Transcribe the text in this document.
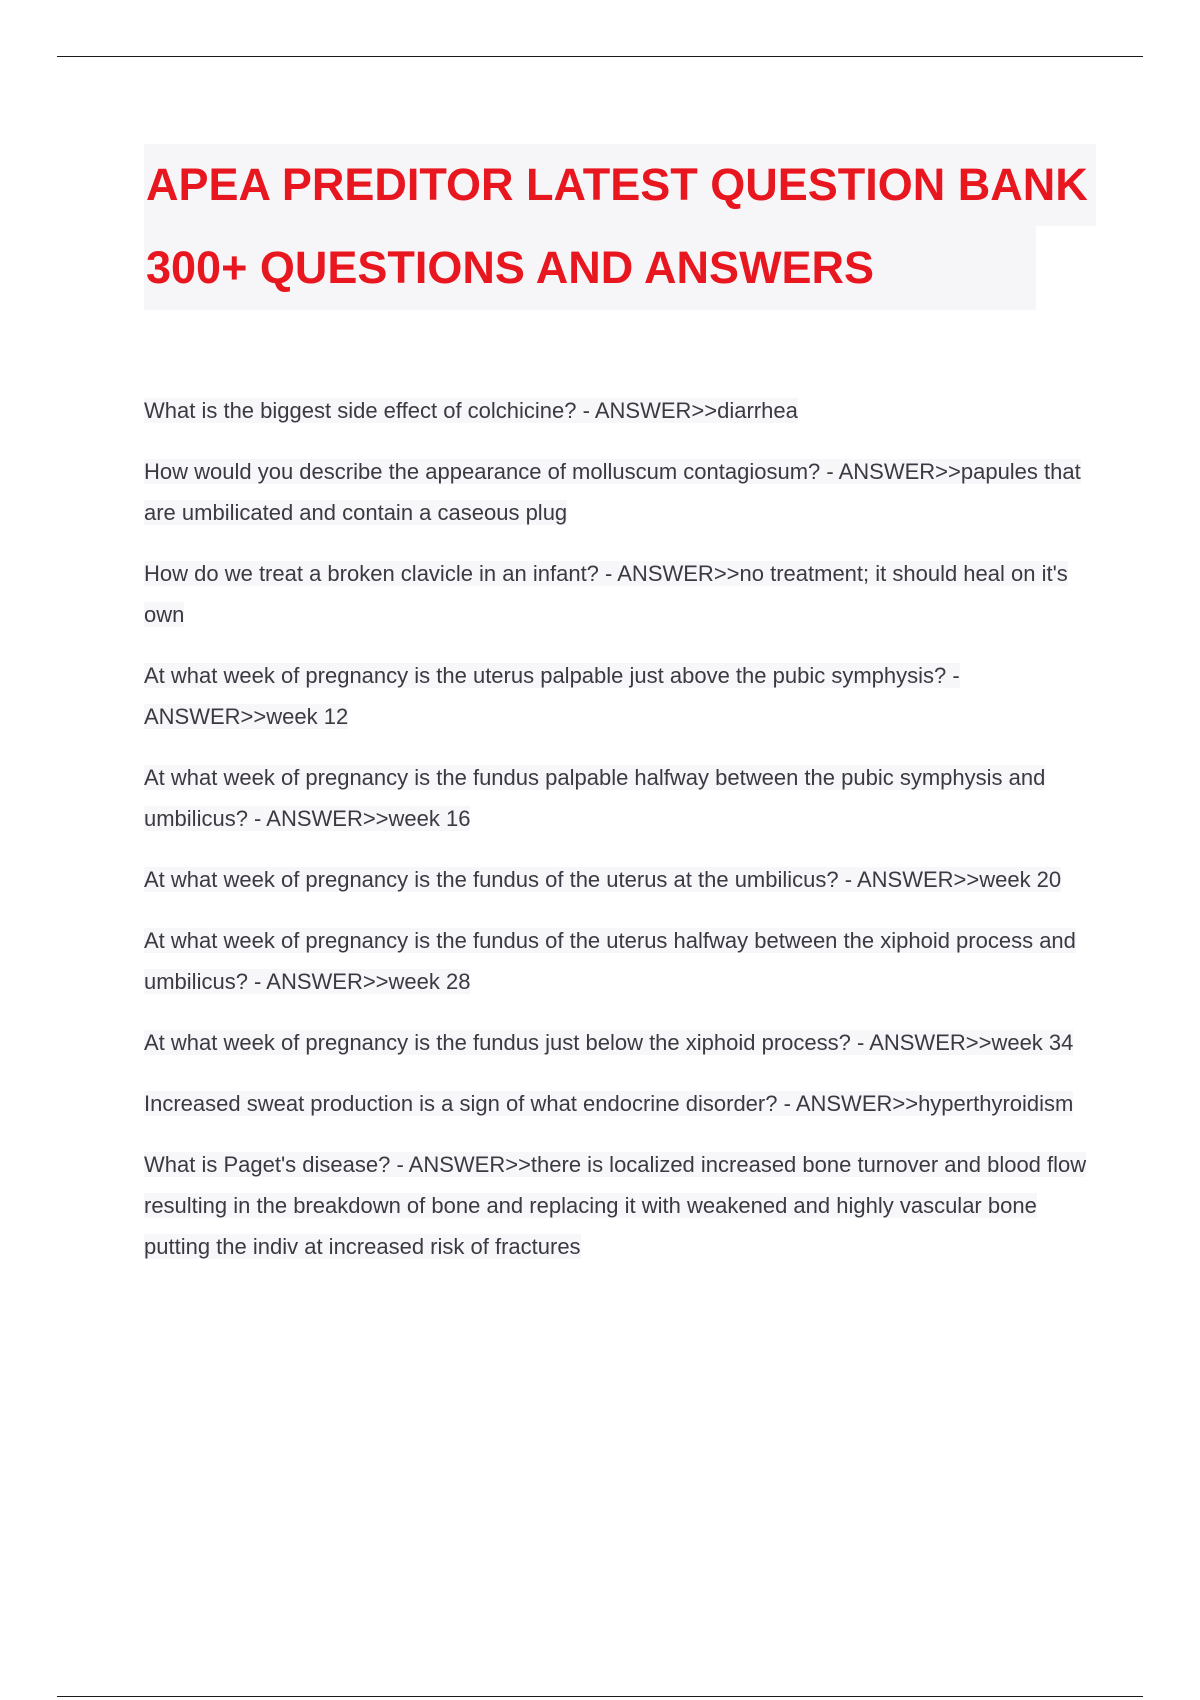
APEA PREDITOR LATEST QUESTION BANK
300+ QUESTIONS AND ANSWERS

What is the biggest side effect of colchicine? - ANSWER>>diarrhea

How would you describe the appearance of molluscum contagiosum? - ANSWER>>papules that are umbilicated and contain a caseous plug

How do we treat a broken clavicle in an infant? - ANSWER>>no treatment; it should heal on it's own

At what week of pregnancy is the uterus palpable just above the pubic symphysis? - ANSWER>>week 12

At what week of pregnancy is the fundus palpable halfway between the pubic symphysis and umbilicus? - ANSWER>>week 16

At what week of pregnancy is the fundus of the uterus at the umbilicus? - ANSWER>>week 20

At what week of pregnancy is the fundus of the uterus halfway between the xiphoid process and umbilicus? - ANSWER>>week 28

At what week of pregnancy is the fundus just below the xiphoid process? - ANSWER>>week 34

Increased sweat production is a sign of what endocrine disorder? - ANSWER>>hyperthyroidism

What is Paget's disease? - ANSWER>>there is localized increased bone turnover and blood flow resulting in the breakdown of bone and replacing it with weakened and highly vascular bone putting the indiv at increased risk of fractures
